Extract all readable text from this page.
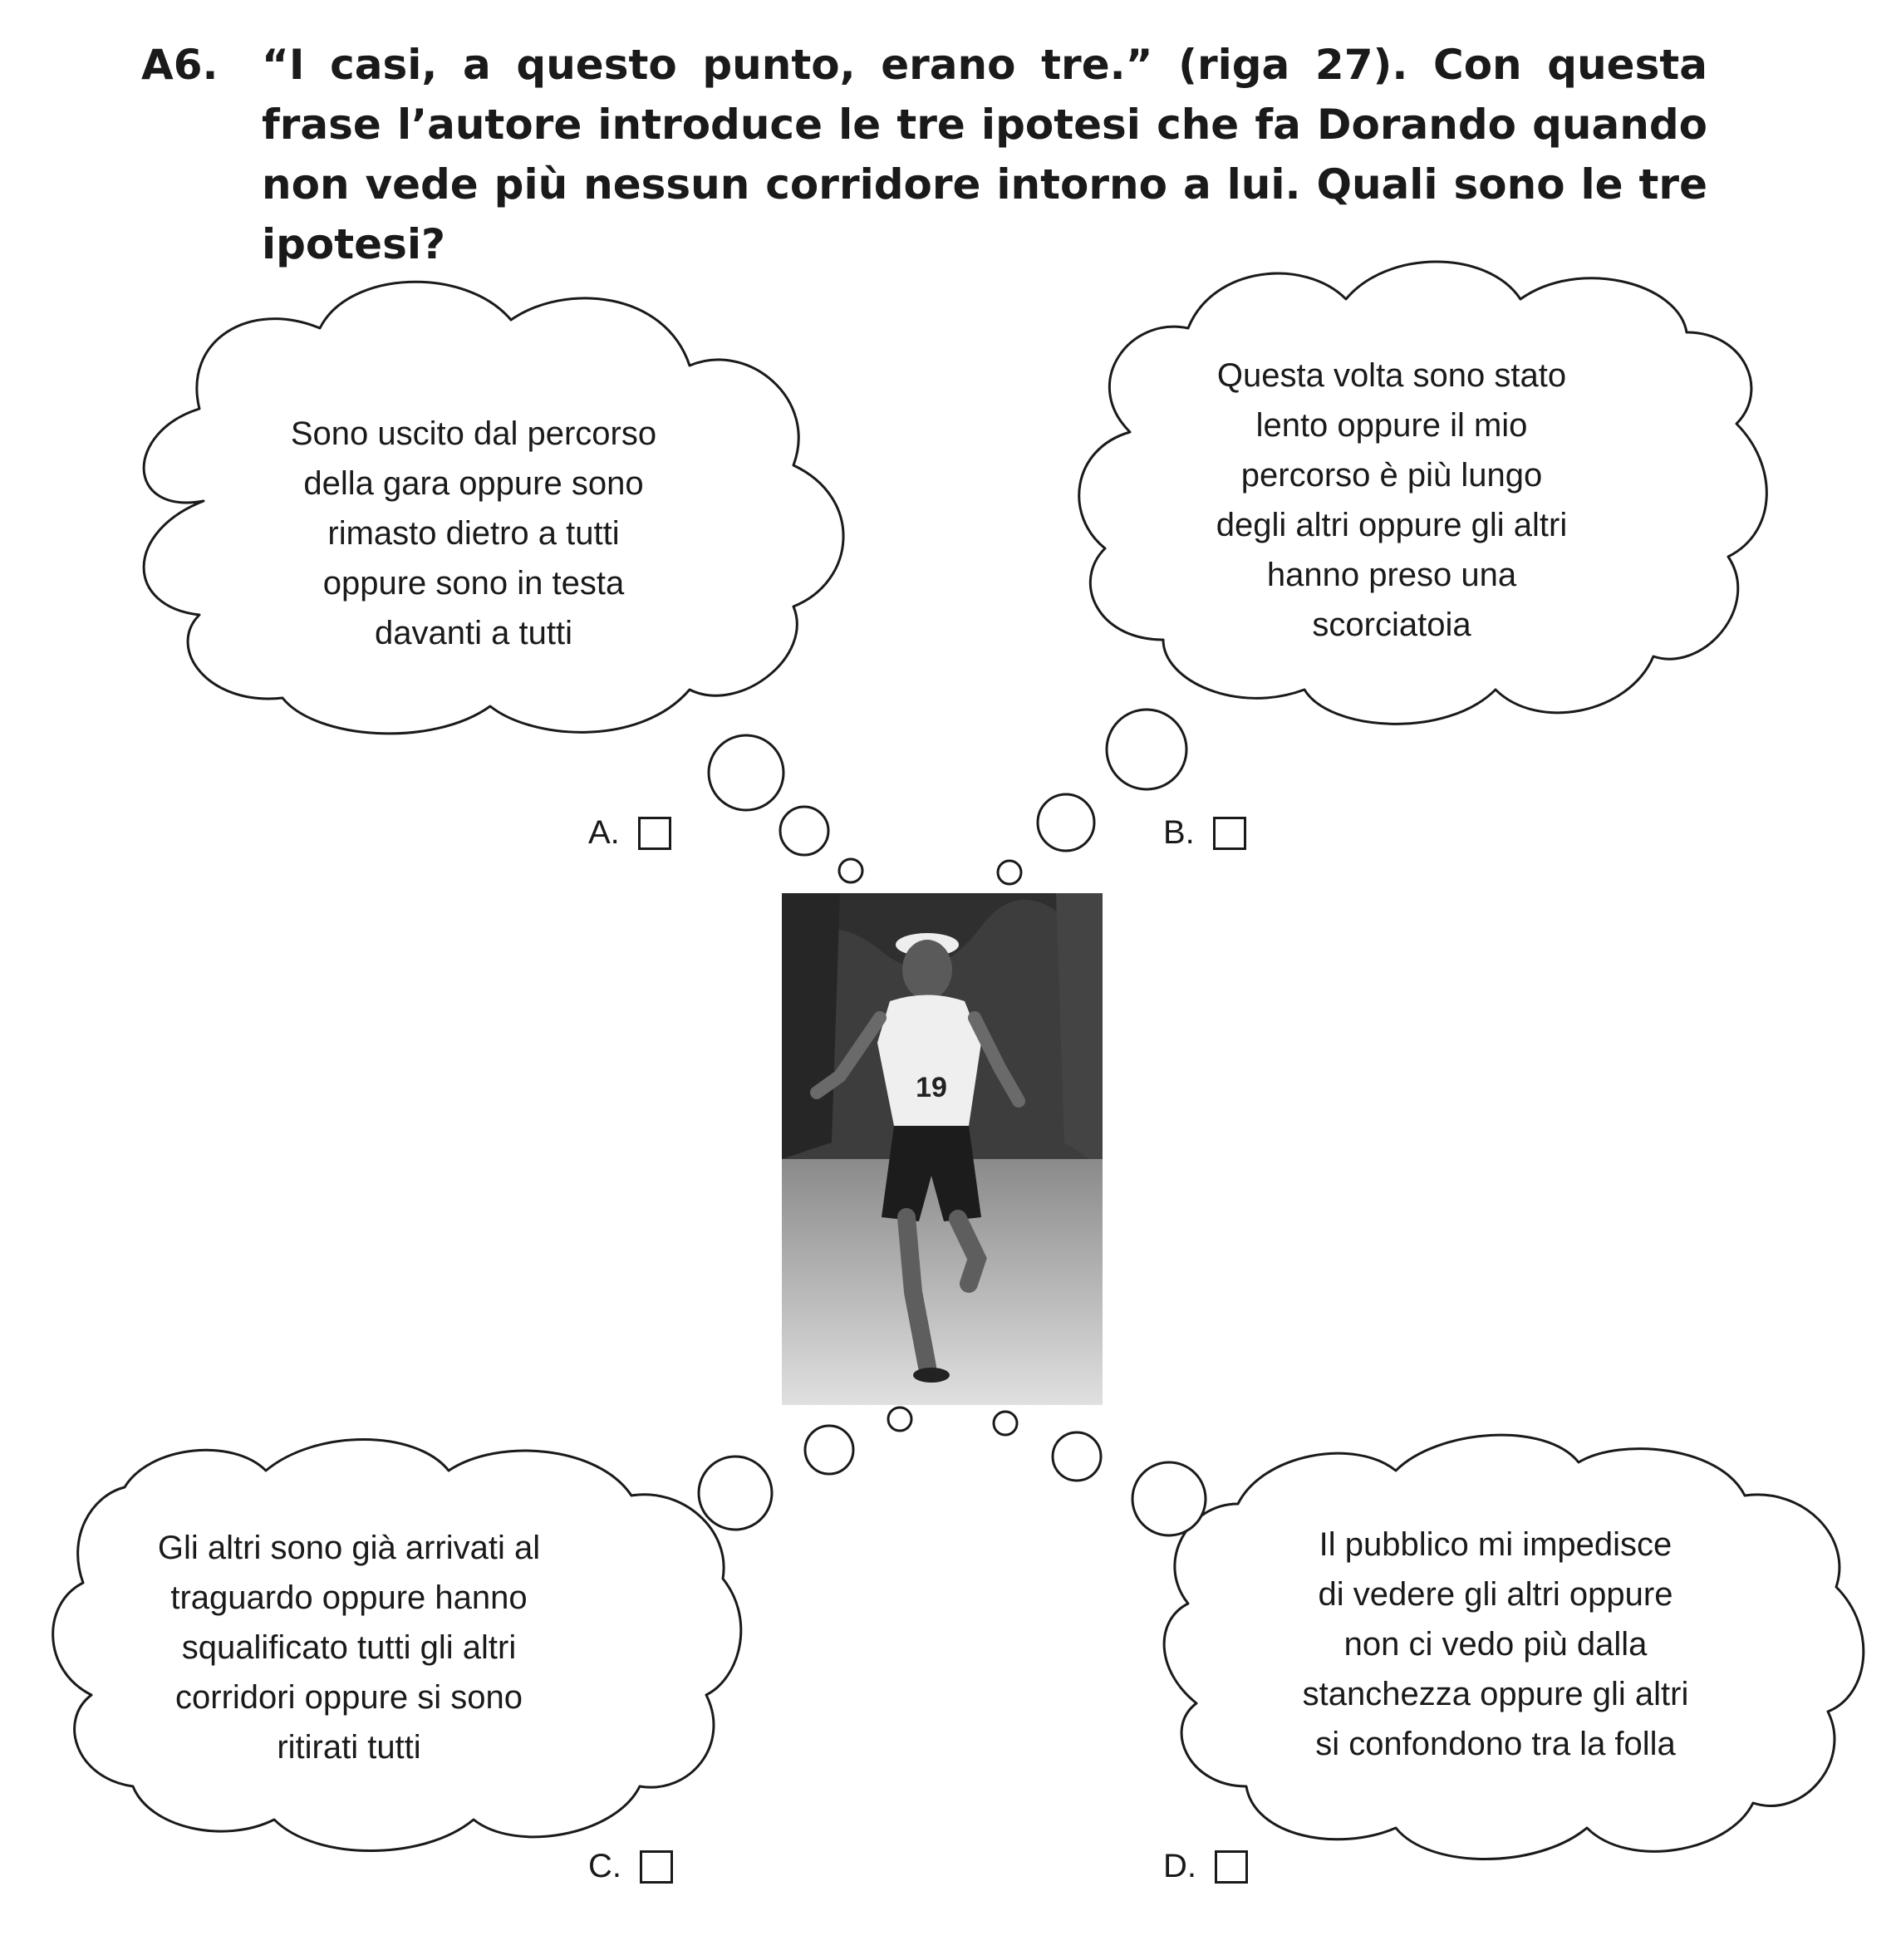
A6. “I casi, a questo punto, erano tre.” (riga 27). Con questa frase l’autore introduce le tre ipotesi che fa Dorando quando non vede più nessun corridore intorno a lui. Quali sono le tre ipotesi?
Sono uscito dal percorso
della gara oppure sono
rimasto dietro a tutti
oppure sono in testa
davanti a tutti
Questa volta sono stato
lento oppure il mio
percorso è più lungo
degli altri oppure gli altri
hanno preso una
scorciatoia
Gli altri sono già arrivati al
traguardo oppure hanno
squalificato tutti gli altri
corridori oppure si sono
ritirati tutti
Il pubblico mi impedisce
di vedere gli altri oppure
non ci vedo più dalla
stanchezza oppure gli altri
si confondono tra la folla
A.	B.
C.	D.
19
